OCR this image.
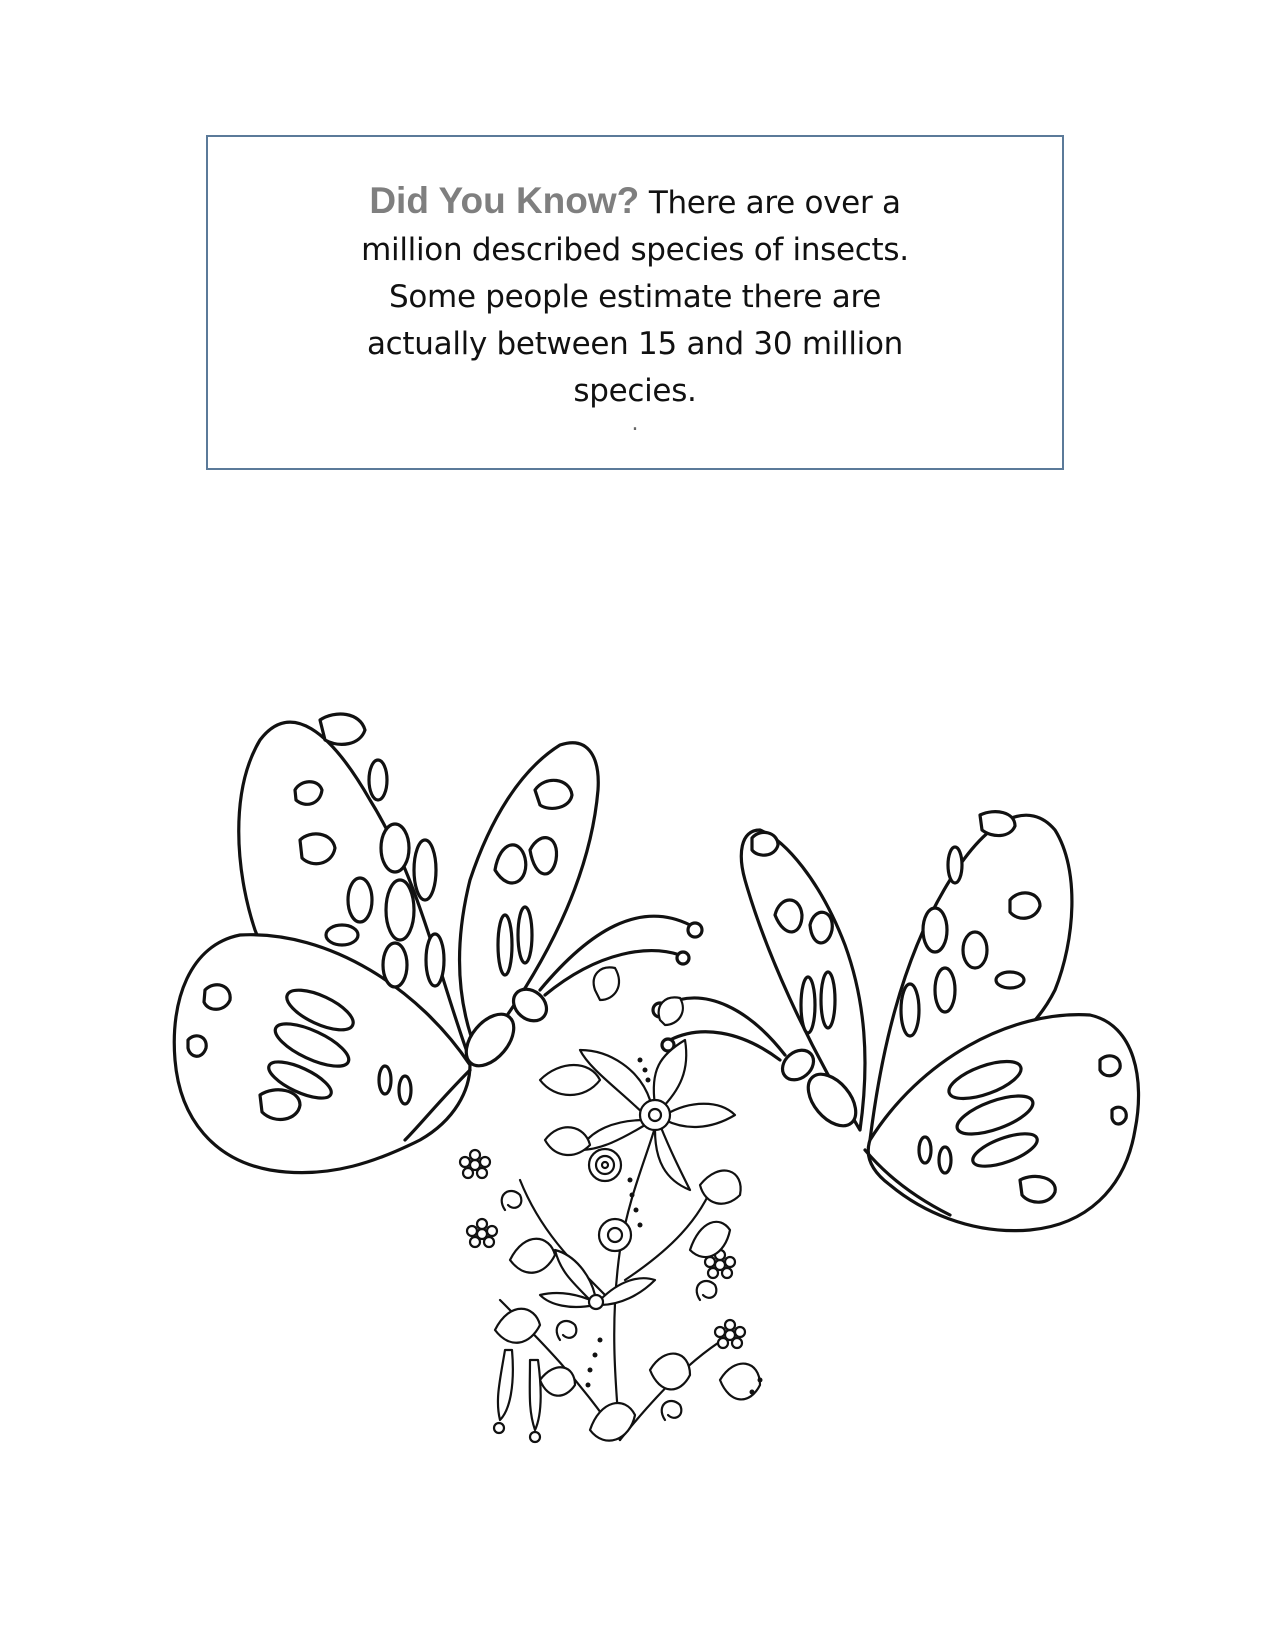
Did You Know? There are over a
million described species of insects.
Some people estimate there are
actually between 15 and 30 million
species.
.
